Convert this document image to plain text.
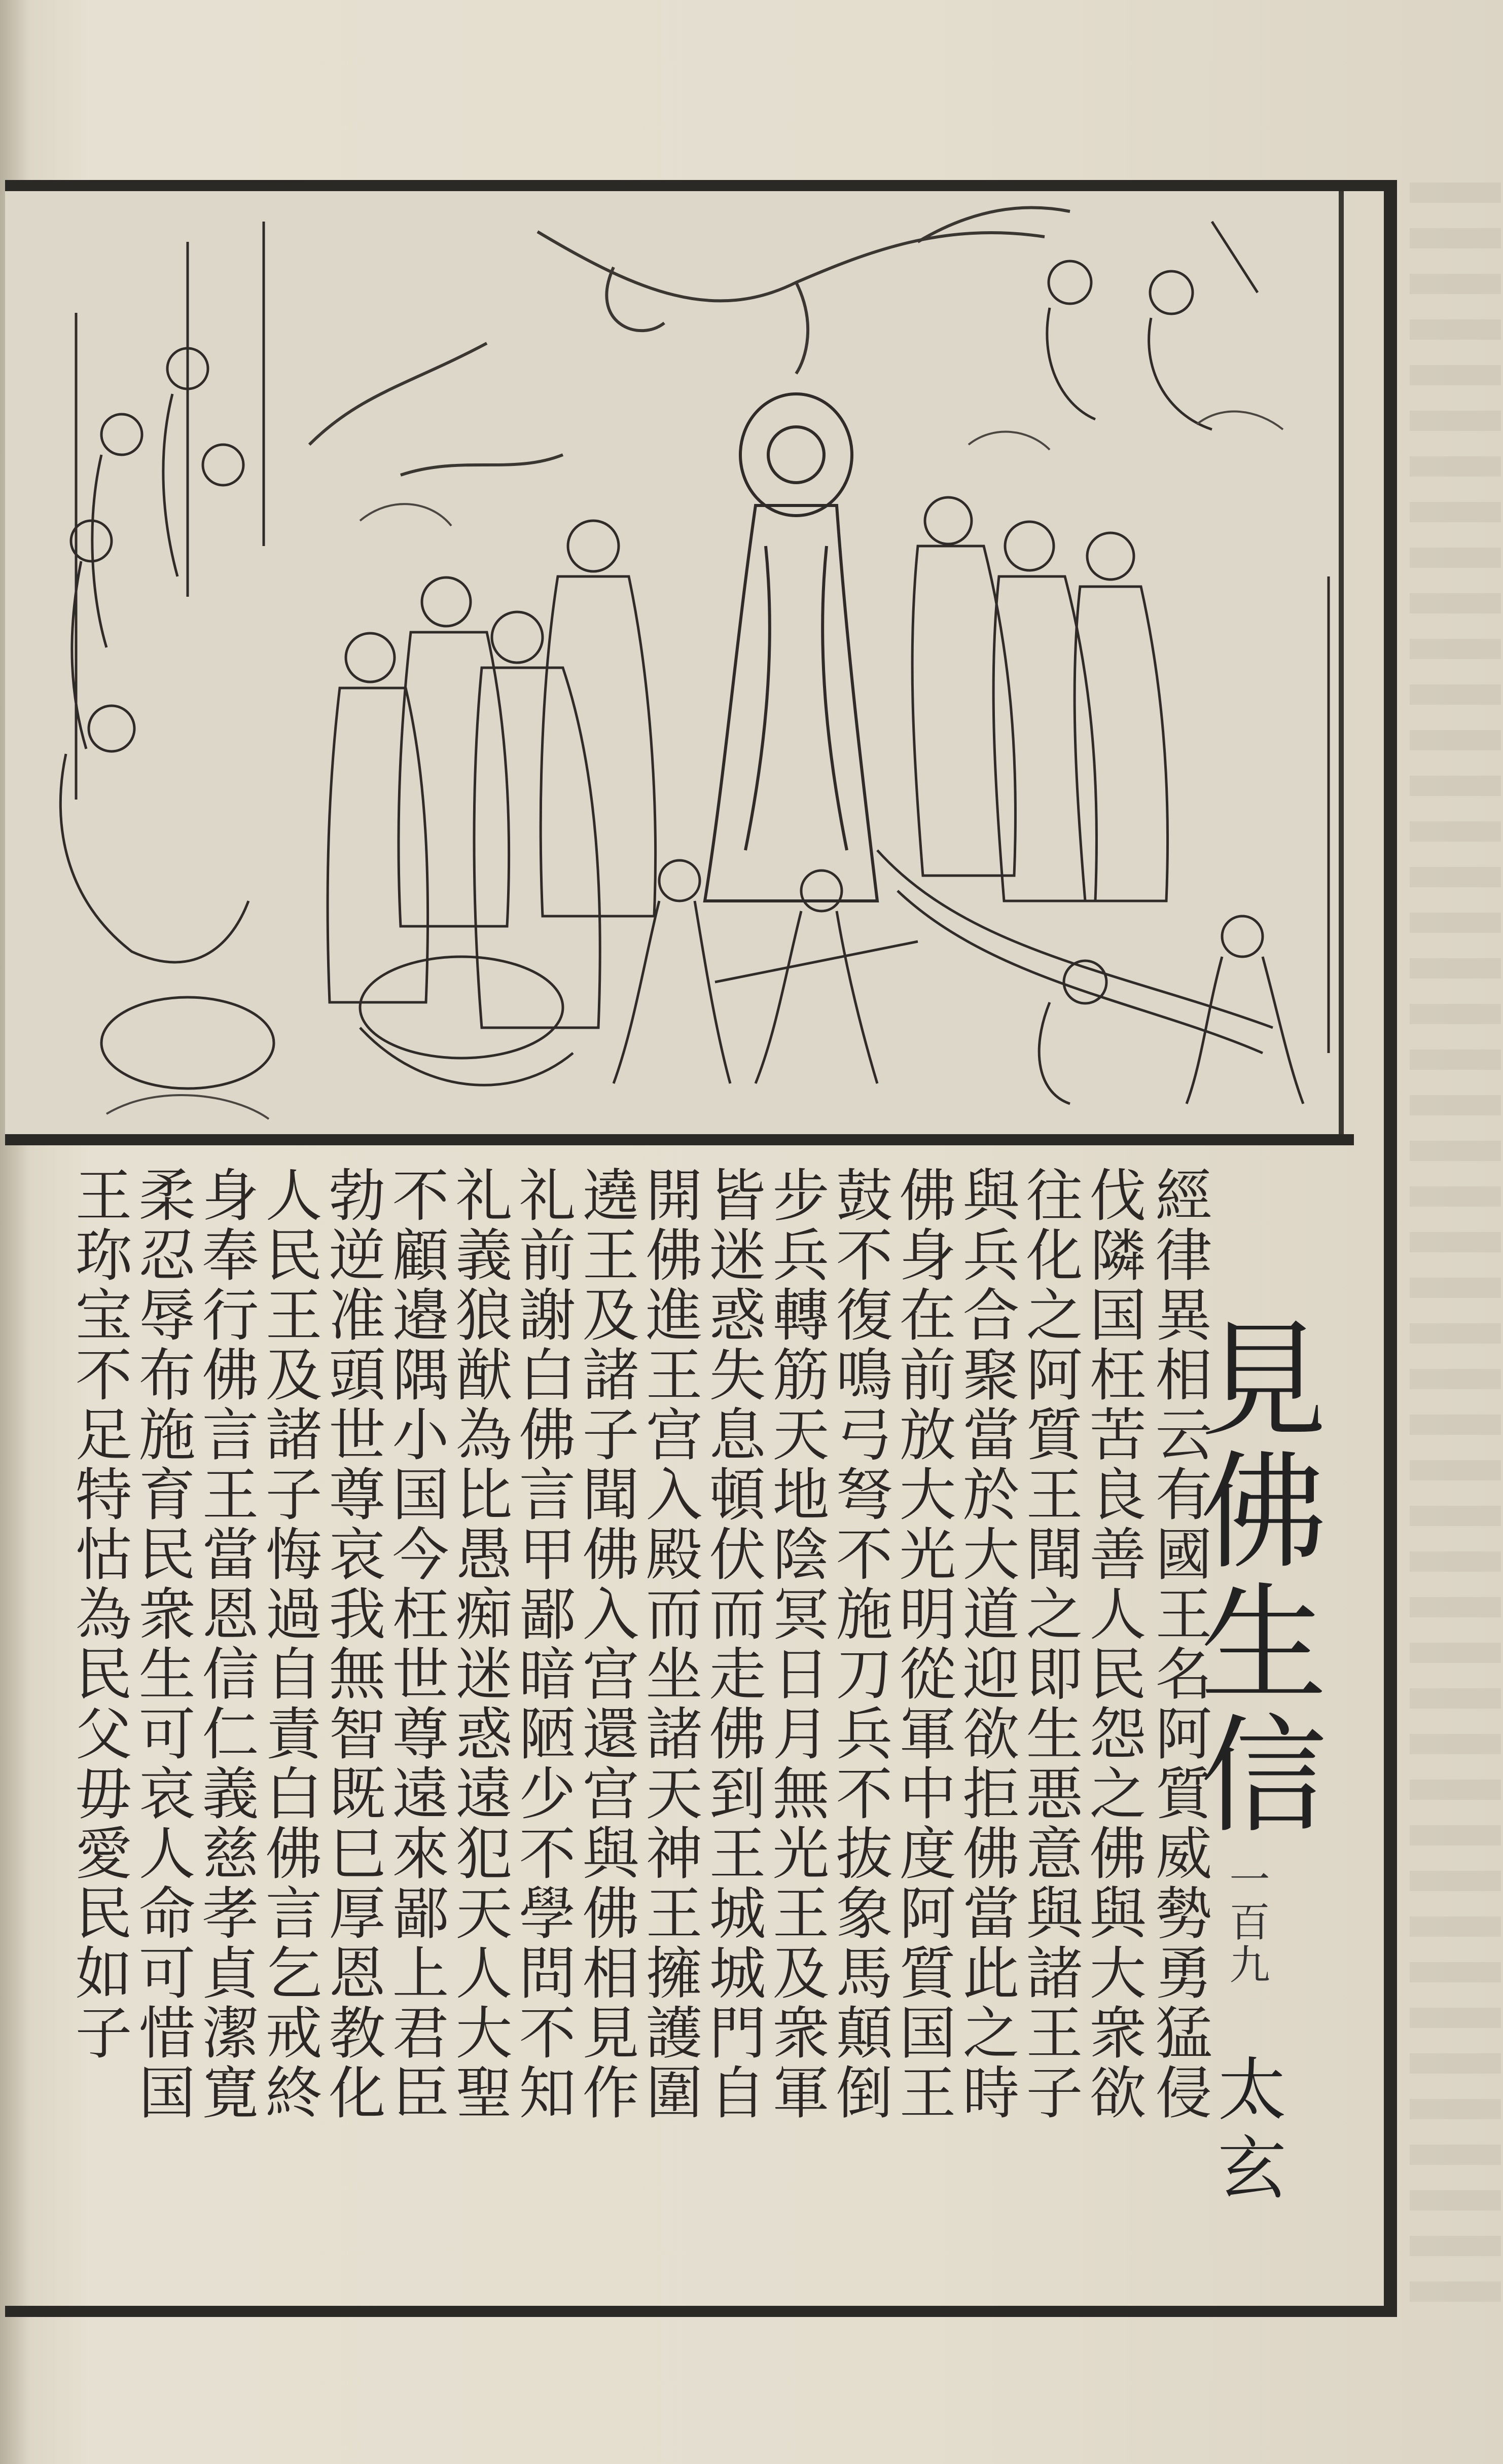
經律異相云有國王名阿質威勢勇猛侵
伐隣国枉苦良善人民怨之佛與大衆欲
往化之阿質王聞之即生悪意與諸王子
與兵合聚當於大道迎欲拒佛當此之時
佛身在前放大光明從軍中度阿質国王
鼓不復鳴弓弩不施刀兵不抜象馬顛倒
步兵轉筋天地陰冥日月無光王及衆軍
皆迷惑失息頓伏而走佛到王城城門自
開佛進王宫入殿而坐諸天神王擁護圍
遶王及諸子聞佛入宫還宫與佛相見作
礼前謝白佛言甲鄙暗陋少不學問不知
礼義狼猷為比愚痴迷惑遠犯天人大聖
不顧邉隅小国今枉世尊遠來鄙上君臣
勃逆准頭世尊哀我無智既巳厚恩教化
人民王及諸子悔過自責白佛言乞戒終
身奉行佛言王當恩信仁義慈孝貞潔寛
柔忍辱布施育民衆生可哀人命可惜国
王珎宝不足特怙為民父毋愛民如子	見佛生信
一百九
太玄
